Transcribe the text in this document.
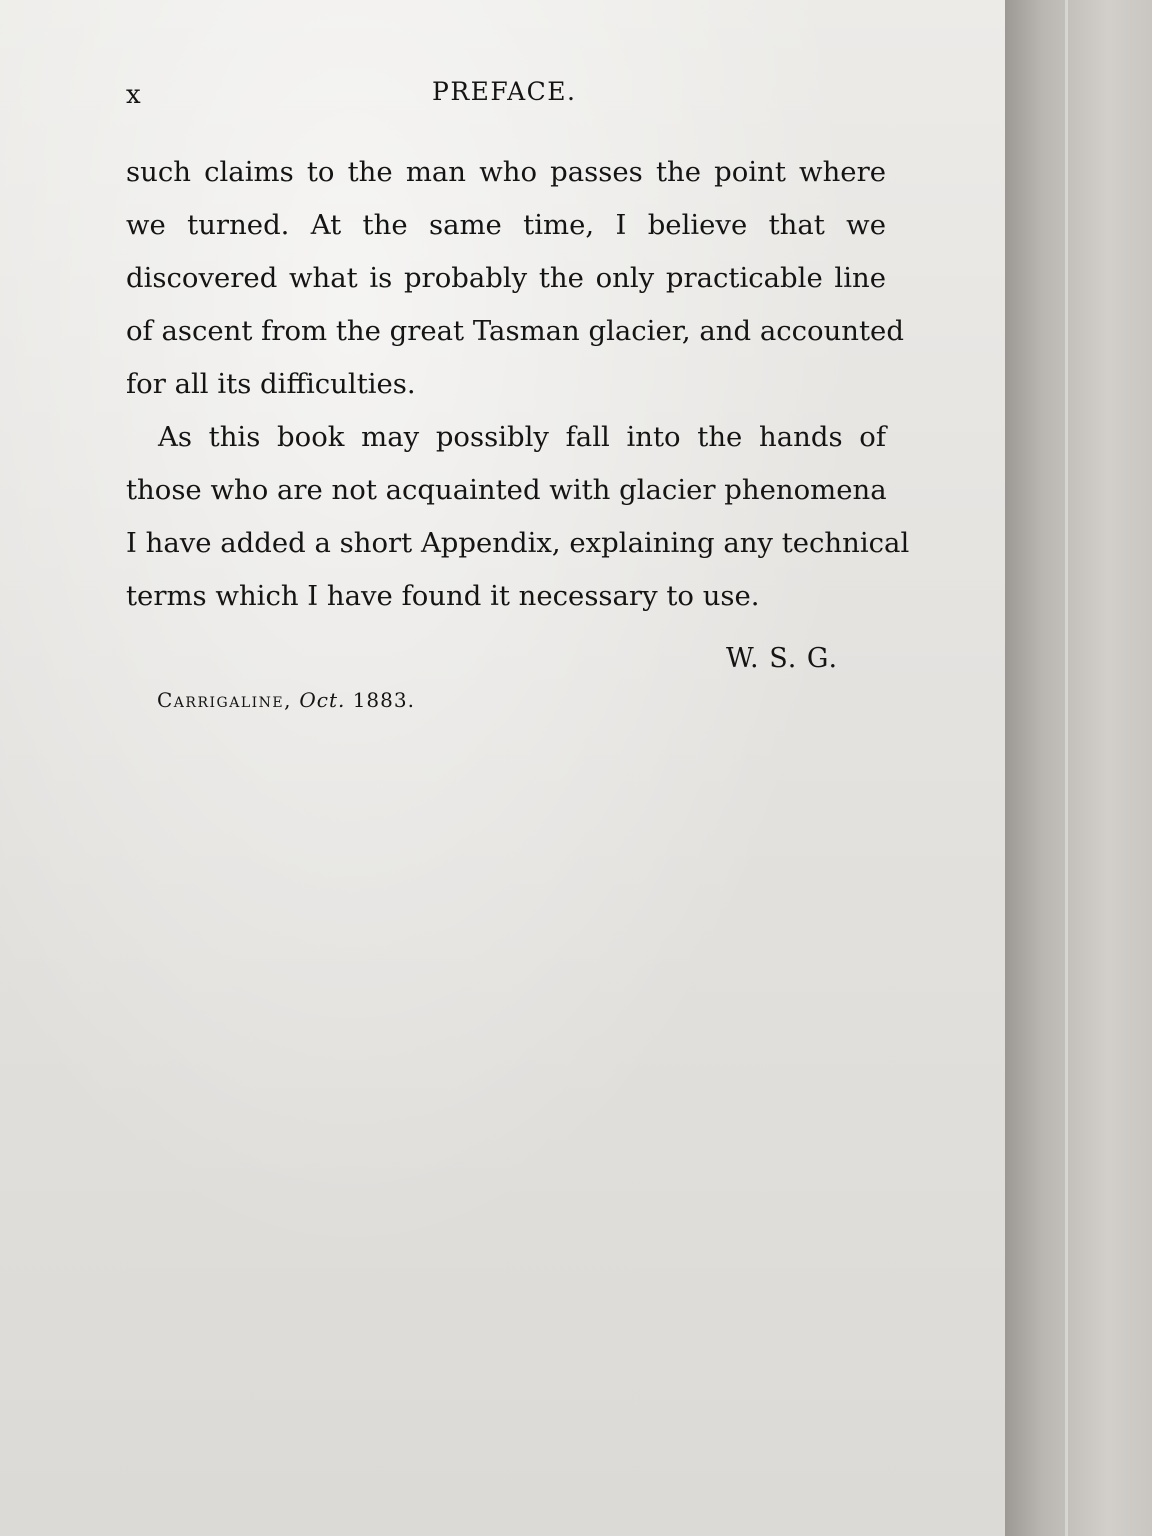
x	PREFACE.
such claims to the man who passes the point where
we turned. At the same time, I believe that we
discovered what is probably the only practicable line
of ascent from the great Tasman glacier, and accounted
for all its difficulties.
As this book may possibly fall into the hands of
those who are not acquainted with glacier phenomena
I have added a short Appendix, explaining any technical
terms which I have found it necessary to use.
W. S. G.
Carrigaline, Oct. 1883.
